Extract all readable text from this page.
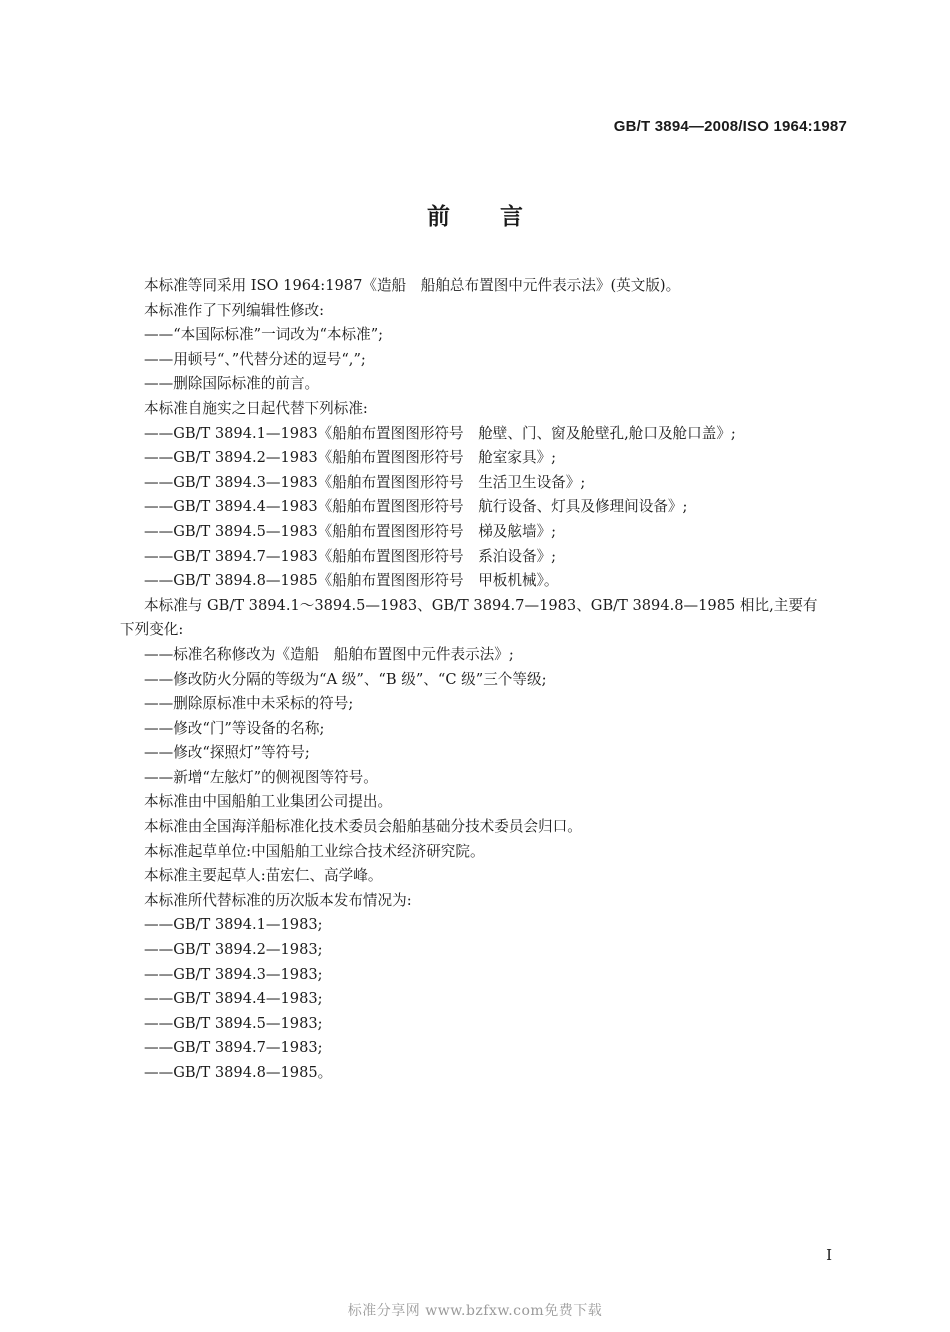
GB/T 3894—2008/ISO 1964:1987
前言
本标准等同采用 ISO 1964:1987《造船　船舶总布置图中元件表示法》(英文版)。
本标准作了下列编辑性修改:
——“本国际标准”一词改为“本标准”;
——用顿号“、”代替分述的逗号“,”;
——删除国际标准的前言。
本标准自施实之日起代替下列标准:
——GB/T 3894.1—1983《船舶布置图图形符号　舱壁、门、窗及舱壁孔,舱口及舱口盖》;
——GB/T 3894.2—1983《船舶布置图图形符号　舱室家具》;
——GB/T 3894.3—1983《船舶布置图图形符号　生活卫生设备》;
——GB/T 3894.4—1983《船舶布置图图形符号　航行设备、灯具及修理间设备》;
——GB/T 3894.5—1983《船舶布置图图形符号　梯及舷墙》;
——GB/T 3894.7—1983《船舶布置图图形符号　系泊设备》;
——GB/T 3894.8—1985《船舶布置图图形符号　甲板机械》。
本标准与 GB/T 3894.1～3894.5—1983、GB/T 3894.7—1983、GB/T 3894.8—1985 相比,主要有
下列变化:
——标准名称修改为《造船　船舶布置图中元件表示法》;
——修改防火分隔的等级为“A 级”、“B 级”、“C 级”三个等级;
——删除原标准中未采标的符号;
——修改“门”等设备的名称;
——修改“探照灯”等符号;
——新增“左舷灯”的侧视图等符号。
本标准由中国船舶工业集团公司提出。
本标准由全国海洋船标准化技术委员会船舶基础分技术委员会归口。
本标准起草单位:中国船舶工业综合技术经济研究院。
本标准主要起草人:苗宏仁、高学峰。
本标准所代替标准的历次版本发布情况为:
——GB/T 3894.1—1983;
——GB/T 3894.2—1983;
——GB/T 3894.3—1983;
——GB/T 3894.4—1983;
——GB/T 3894.5—1983;
——GB/T 3894.7—1983;
——GB/T 3894.8—1985。
I
标准分享网 www.bzfxw.com免费下载
